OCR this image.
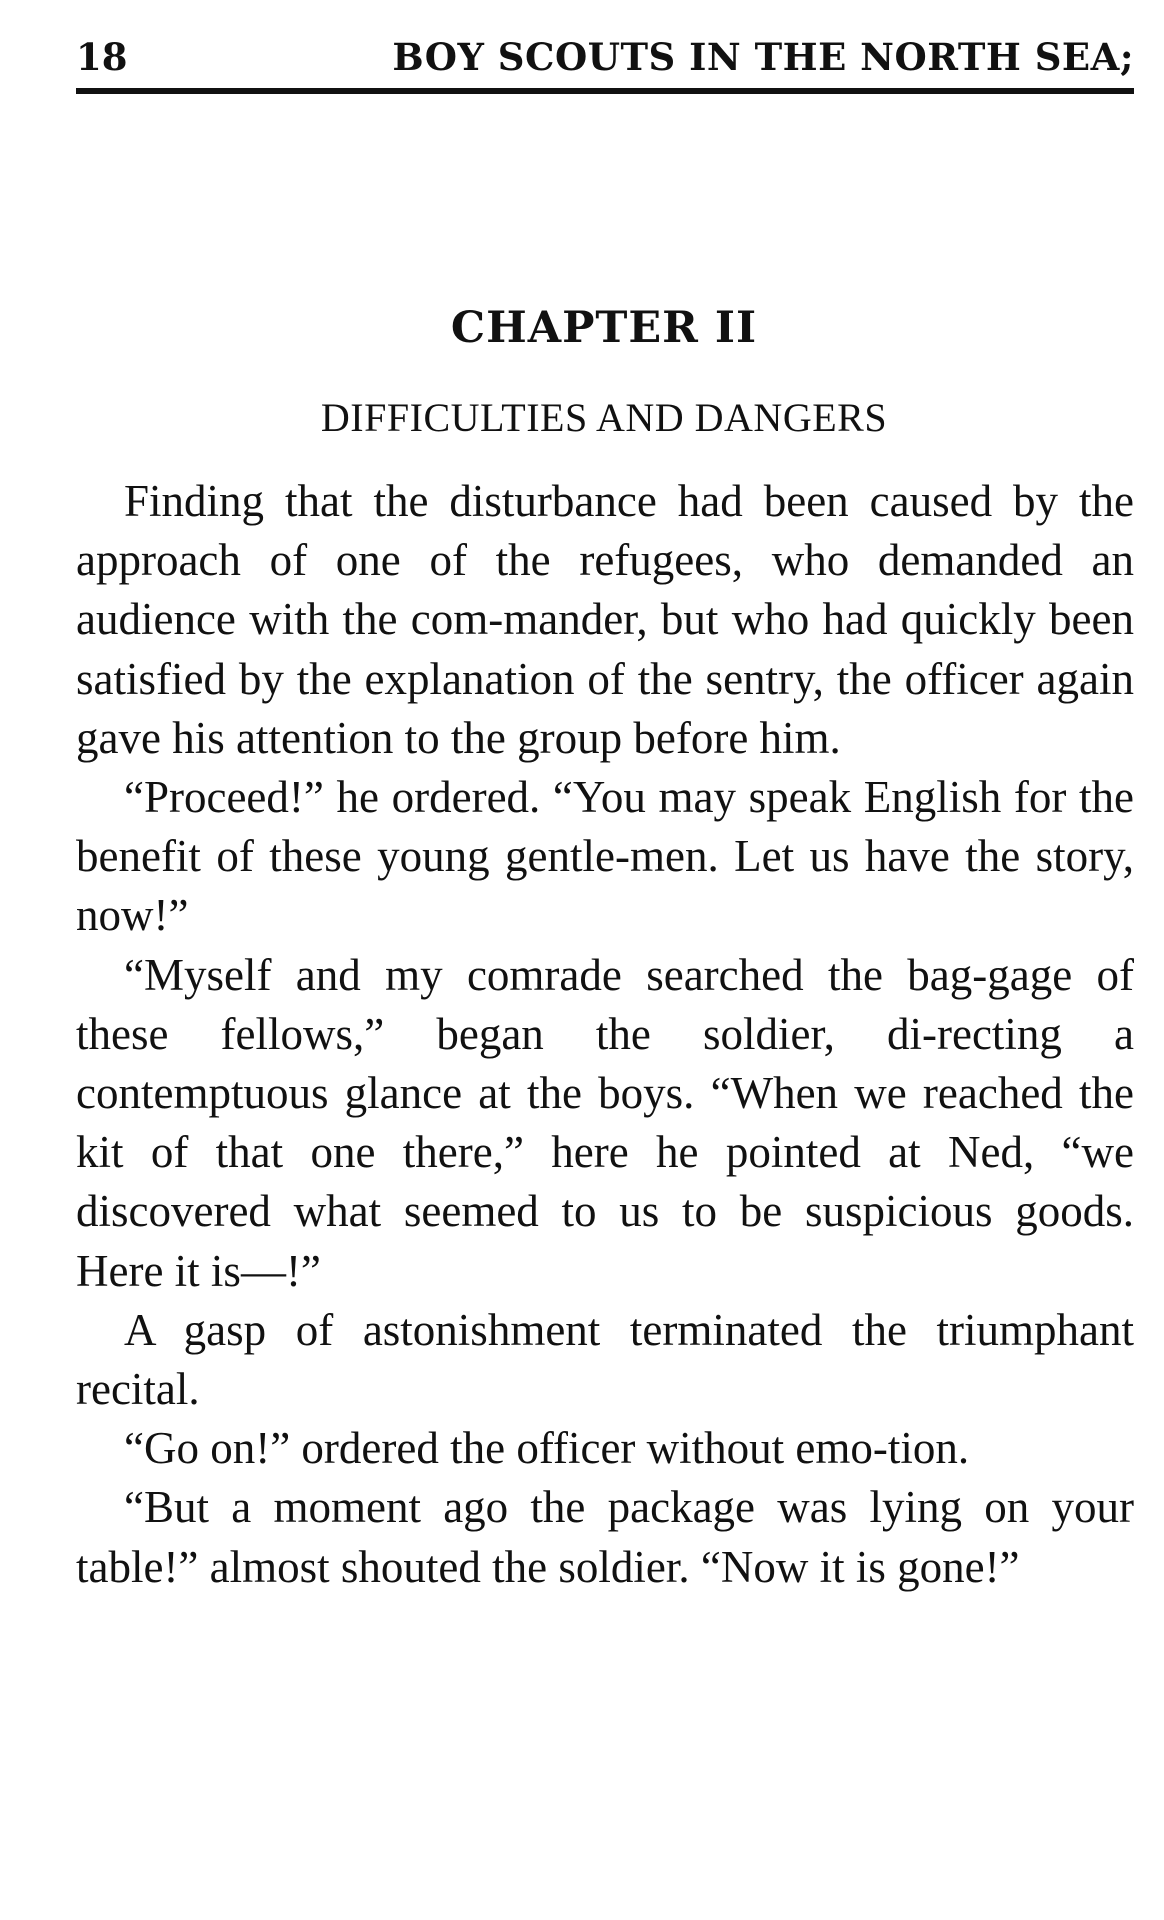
18	BOY SCOUTS IN THE NORTH SEA;
CHAPTER II
DIFFICULTIES AND DANGERS

Finding that the disturbance had been caused by the approach of one of the refugees, who demanded an audience with the com-mander, but who had quickly been satisfied by the explanation of the sentry, the officer again gave his attention to the group before him.

“Proceed!” he ordered. “You may speak English for the benefit of these young gentle-men. Let us have the story, now!”

“Myself and my comrade searched the bag-gage of these fellows,” began the soldier, di-recting a contemptuous glance at the boys. “When we reached the kit of that one there,” here he pointed at Ned, “we discovered what seemed to us to be suspicious goods. Here it is—!”

A gasp of astonishment terminated the triumphant recital.

“Go on!” ordered the officer without emo-tion.

“But a moment ago the package was lying on your table!” almost shouted the soldier. “Now it is gone!”
